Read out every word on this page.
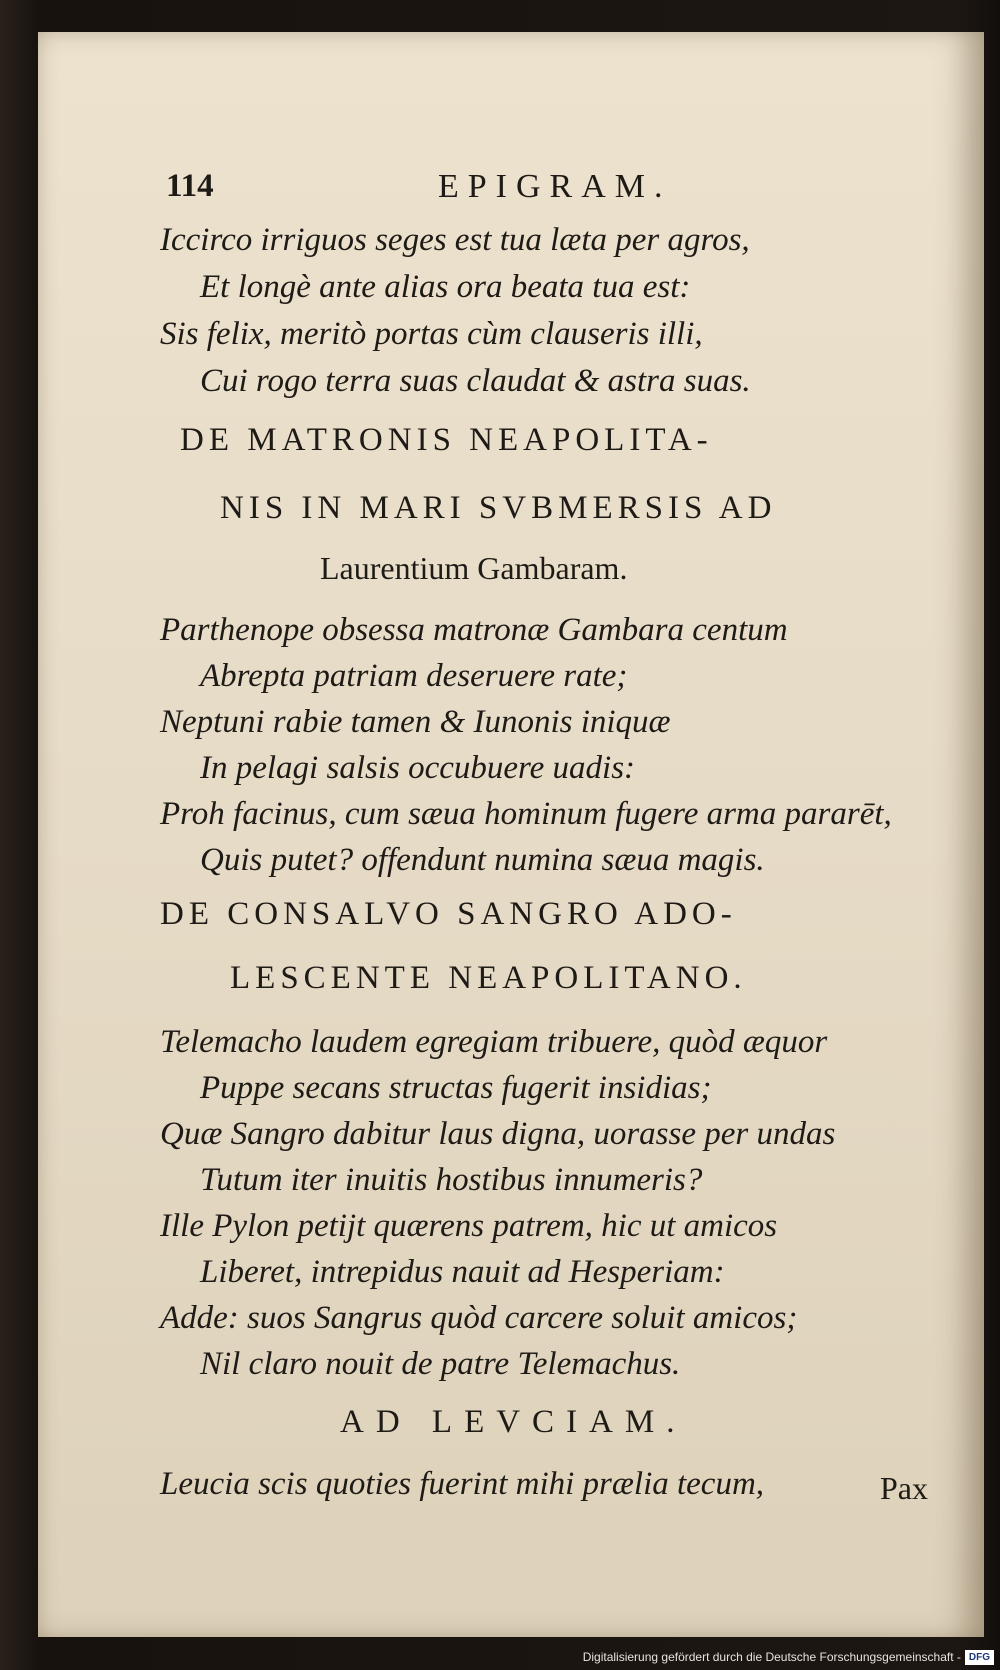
114	EPIGRAM.

Iccirco irriguos seges est tua læta per agros,

Et longè ante alias ora beata tua est:

Sis felix, meritò portas cùm clauseris illi,

Cui rogo terra suas claudat & astra suas.

DE MATRONIS NEAPOLITA-

NIS IN MARI SVBMERSIS AD

Laurentium Gambaram.

Parthenope obsessa matronæ Gambara centum

Abrepta patriam deseruere rate;

Neptuni rabie tamen & Iunonis iniquæ

In pelagi salsis occubuere uadis:

Proh facinus, cum sæua hominum fugere arma pararēt,

Quis putet? offendunt numina sæua magis.

DE CONSALVO SANGRO ADO-

LESCENTE NEAPOLITANO.

Telemacho laudem egregiam tribuere, quòd æquor

Puppe secans structas fugerit insidias;

Quæ Sangro dabitur laus digna, uorasse per undas

Tutum iter inuitis hostibus innumeris?

Ille Pylon petijt quærens patrem, hic ut amicos

Liberet, intrepidus nauit ad Hesperiam:

Adde: suos Sangrus quòd carcere soluit amicos;

Nil claro nouit de patre Telemachus.

AD LEVCIAM.

Leucia scis quoties fuerint mihi prælia tecum,	Pax
Digitalisierung gefördert durch die Deutsche Forschungsgemeinschaft - DFG
